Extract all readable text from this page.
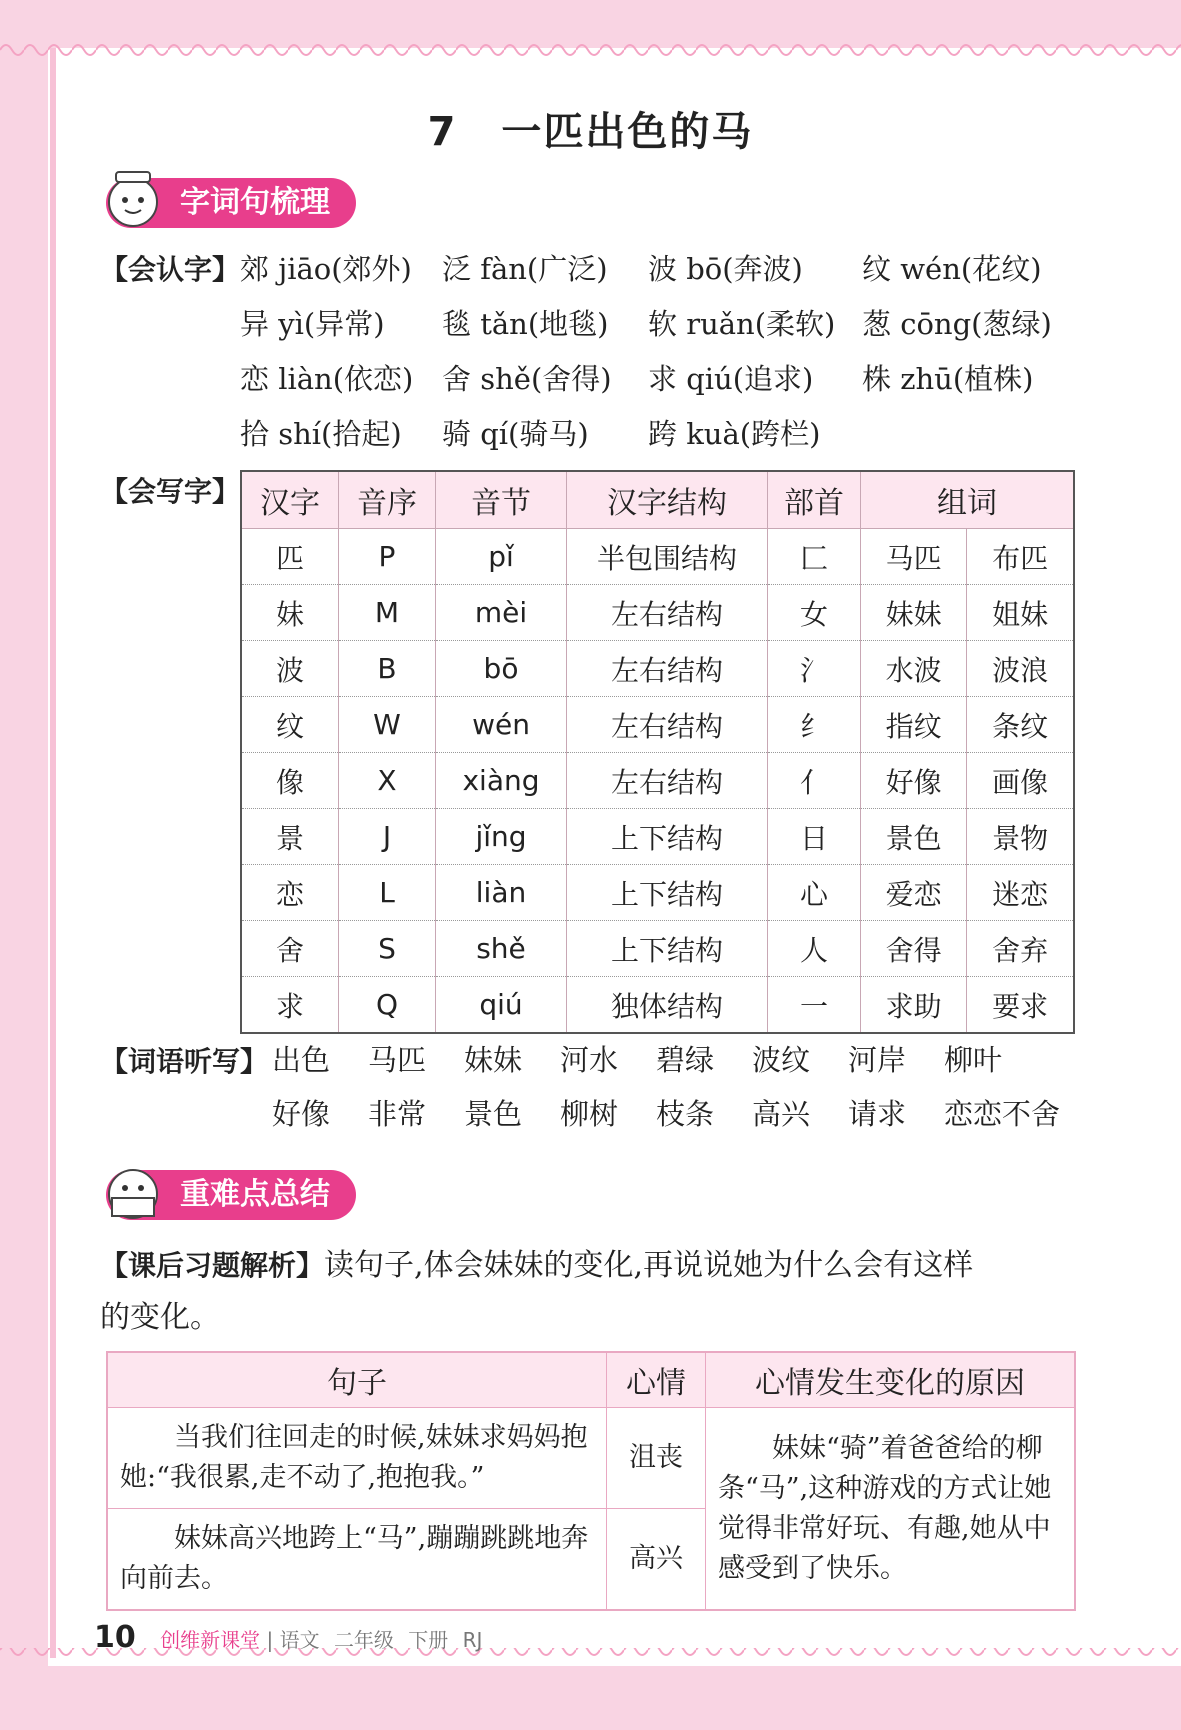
7 一匹出色的马
字词句梳理
【会认字】 郊 jiāo(郊外) 泛 fàn(广泛) 波 bō(奔波) 纹 wén(花纹)
异 yì(异常) 毯 tǎn(地毯) 软 ruǎn(柔软) 葱 cōng(葱绿)
恋 liàn(依恋) 舍 shě(舍得) 求 qiú(追求) 株 zhū(植株)
拾 shí(拾起) 骑 qí(骑马) 跨 kuà(跨栏)
【会写字】 汉字	音序	音节	汉字结构	部首	组词	
匹	P	pǐ	半包围结构	匚	马匹	布匹
妹	M	mèi	左右结构	女	妹妹	姐妹
波	B	bō	左右结构	氵	水波	波浪
纹	W	wén	左右结构	纟	指纹	条纹
像	X	xiàng	左右结构	亻	好像	画像
景	J	jǐng	上下结构	日	景色	景物
恋	L	liàn	上下结构	心	爱恋	迷恋
舍	S	shě	上下结构	人	舍得	舍弃
求	Q	qiú	独体结构	一	求助	要求
【词语听写】 出色 马匹 妹妹 河水 碧绿 波纹 河岸 柳叶
好像 非常 景色 柳树 枝条 高兴 请求 恋恋不舍
重难点总结
【课后习题解析】读句子,体会妹妹的变化,再说说她为什么会有这样
的变化。
句子	心情	心情发生变化的原因
当我们往回走的时候,妹妹求妈妈抱她:“我很累,走不动了,抱抱我。”	沮丧	妹妹“骑”着爸爸给的柳条“马”,这种游戏的方式让她觉得非常好玩、有趣,她从中感受到了快乐。
妹妹高兴地跨上“马”,蹦蹦跳跳地奔向前去。	高兴	
10 创维新课堂 | 语文 二年级 下册 RJ
